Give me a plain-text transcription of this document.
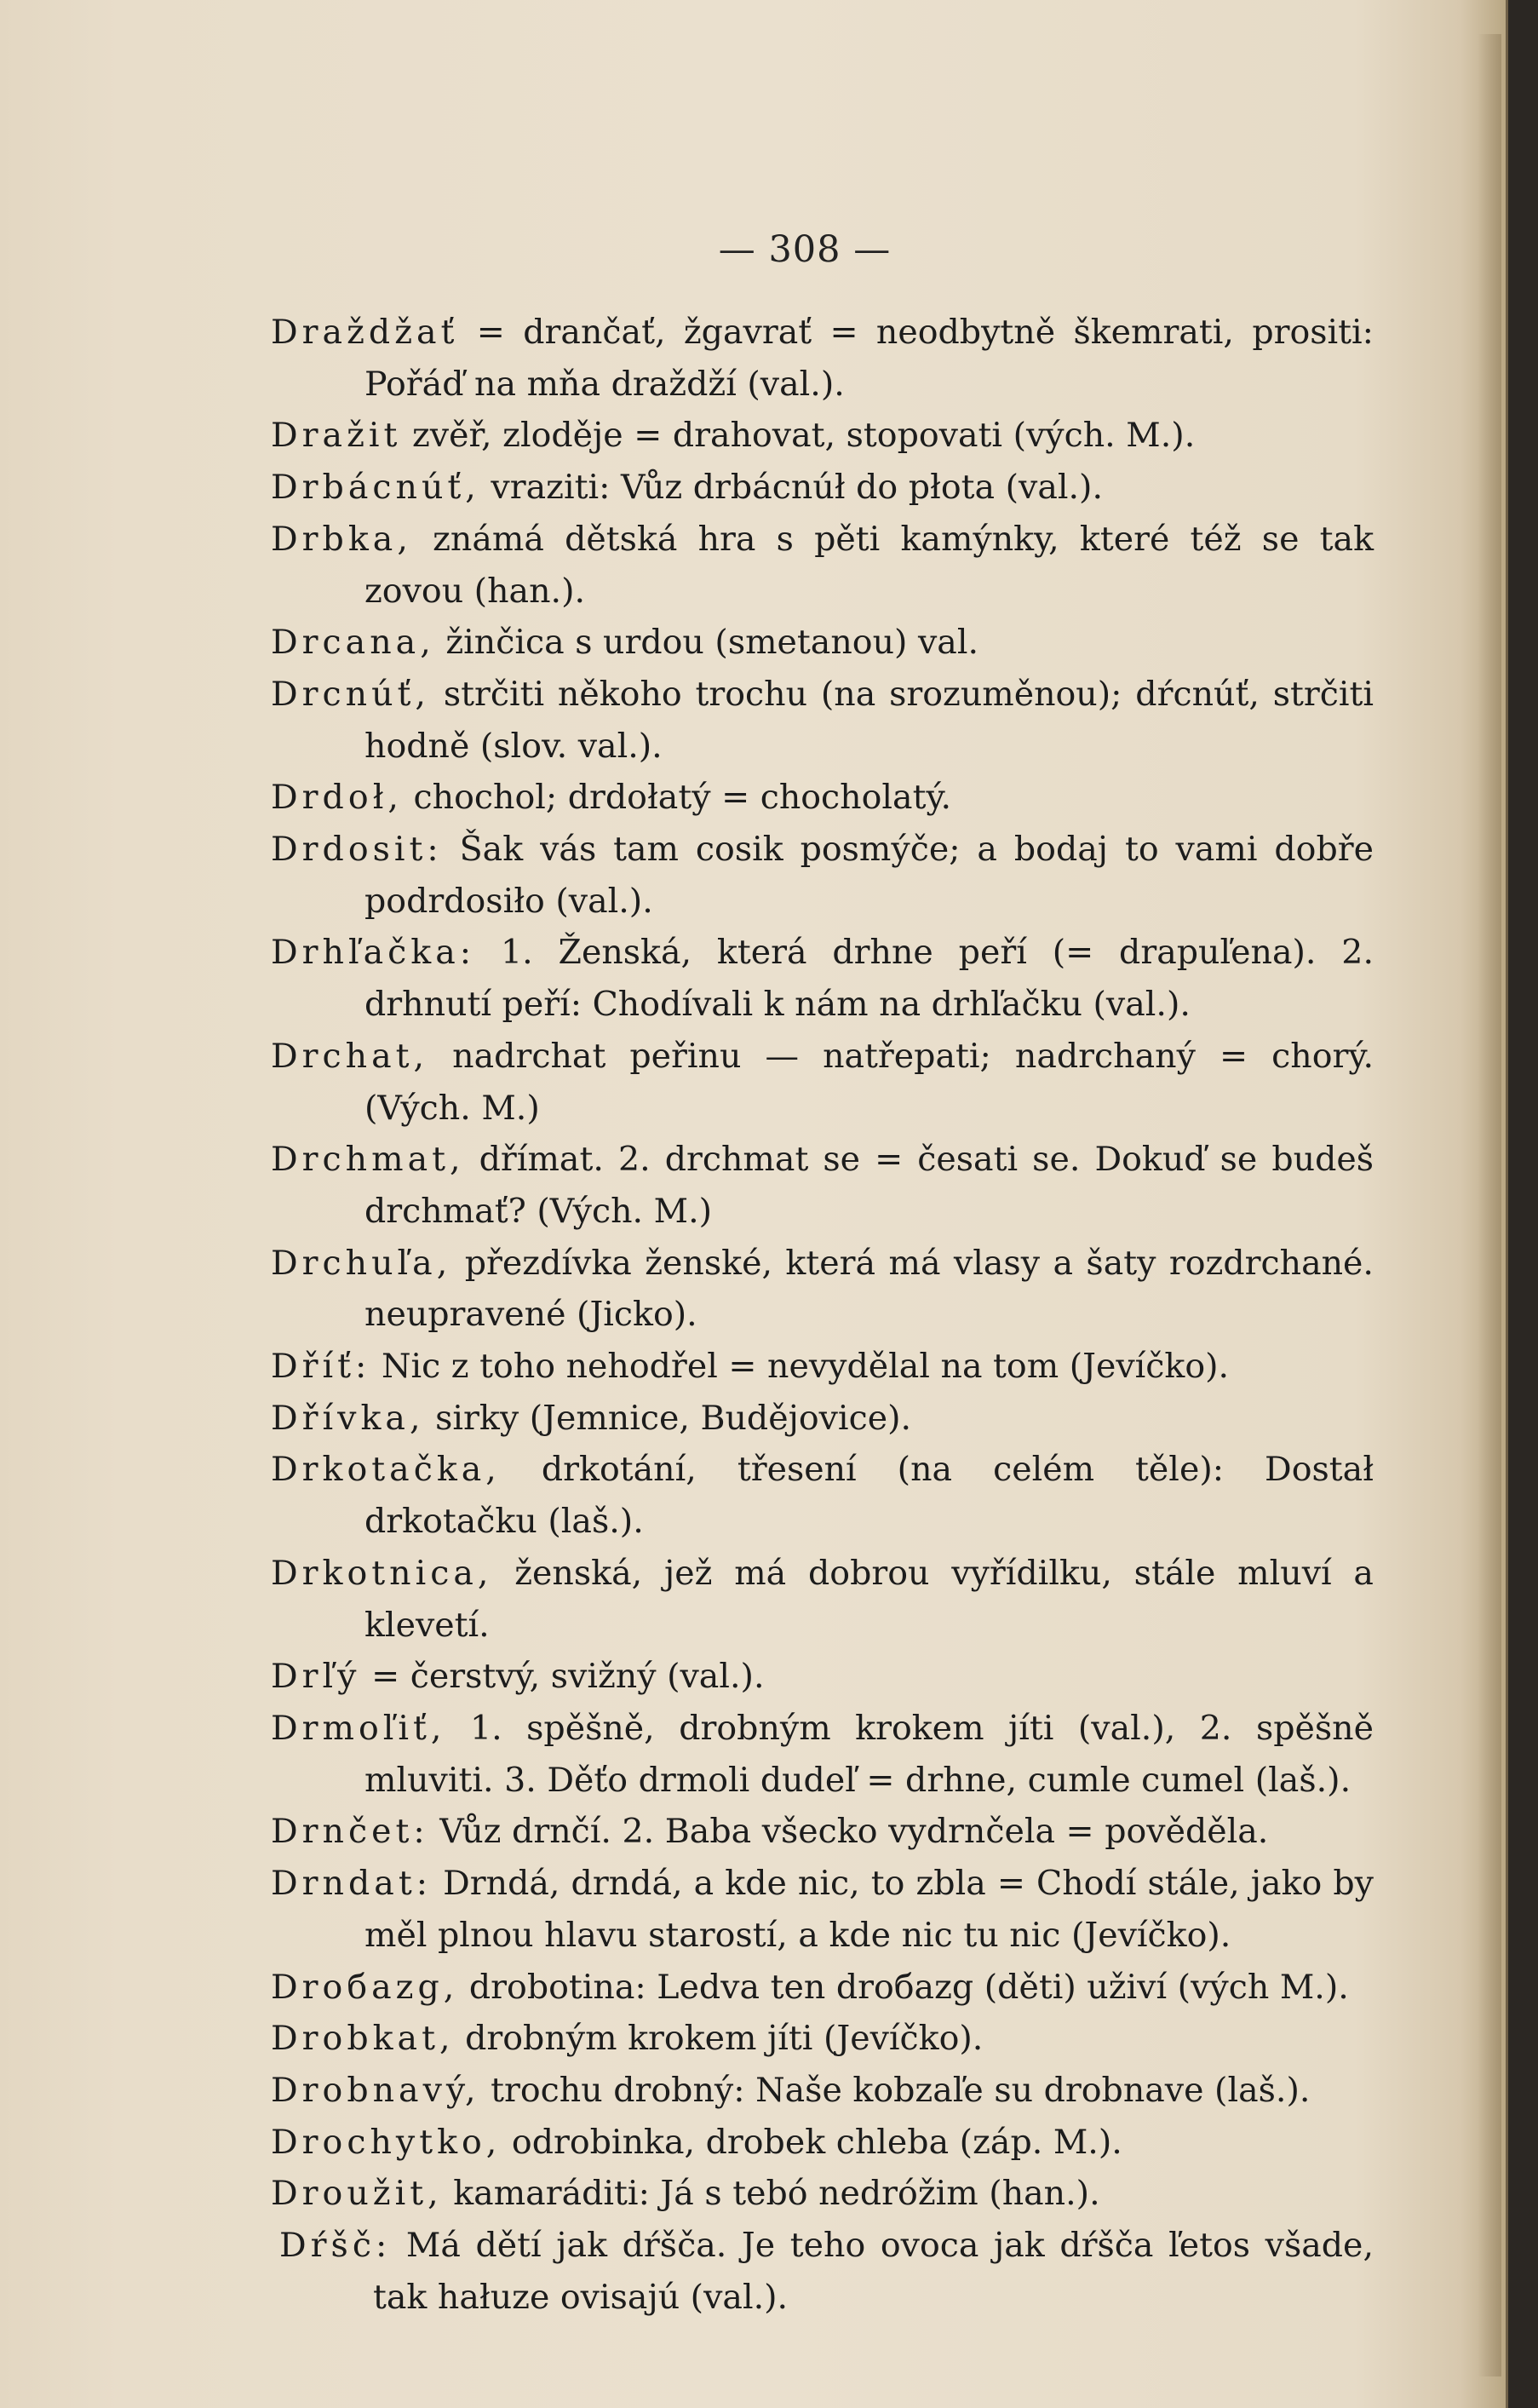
— 308 —
Draždžať = drančať, žgavrať = neodbytně škemrati, prositi: Pořáď na mňa draždží (val.).
Dražit zvěř, zloděje = drahovat, stopovati (vých. M.).
Drbácnúť, vraziti: Vůz drbácnúł do płota (val.).
Drbka, známá dětská hra s pěti kamýnky, které též se tak zovou (han.).
Drcana, žinčica s urdou (smetanou) val.
Drcnúť, strčiti někoho trochu (na srozuměnou); dŕcnúť, strčiti hodně (slov. val.).
Drdoł, chochol; drdołatý = chocholatý.
Drdosit: Šak vás tam cosik posmýče; a bodaj to vami dobře podrdosiło (val.).
Drhľačka: 1. Ženská, která drhne peří (= drapuľena). 2. drhnutí peří: Chodívali k nám na drhľačku (val.).
Drchat, nadrchat peřinu — natřepati; nadrchaný = chorý. (Vých. M.)
Drchmat, dřímat. 2. drchmat se = česati se. Dokuď se budeš drchmať? (Vých. M.)
Drchuľa, přezdívka ženské, která má vlasy a šaty rozdrchané. neupravené (Jicko).
Dříť: Nic z toho nehodřel = nevydělal na tom (Jevíčko).
Dřívka, sirky (Jemnice, Budějovice).
Drkotačka, drkotání, třesení (na celém těle): Dostał drkotačku (laš.).
Drkotnica, ženská, jež má dobrou vyřídilku, stále mluví a klevetí.
Drľý = čerstvý, svižný (val.).
Drmoľiť, 1. spěšně, drobným krokem jíti (val.), 2. spěšně mluviti. 3. Děťo drmoli dudeľ = drhne, cumle cumel (laš.).
Drnčet: Vůz drnčí. 2. Baba všecko vydrnčela = pověděla.
Drndat: Drndá, drndá, a kde nic, to zbla = Chodí stále, jako by měl plnou hlavu starostí, a kde nic tu nic (Jevíčko).
Droбazg, drobotina: Ledva ten droбazg (děti) uživí (vých M.).
Drobkat, drobným krokem jíti (Jevíčko).
Drobnavý, trochu drobný: Naše kobzaľe su drobnave (laš.).
Drochytko, odrobinka, drobek chleba (záp. M.).
Droužit, kamaráditi: Já s tebó nedróžim (han.).
Dŕšč: Má dětí jak dŕšča. Je teho ovoca jak dŕšča ľetos všade, tak hałuze ovisajú (val.).
